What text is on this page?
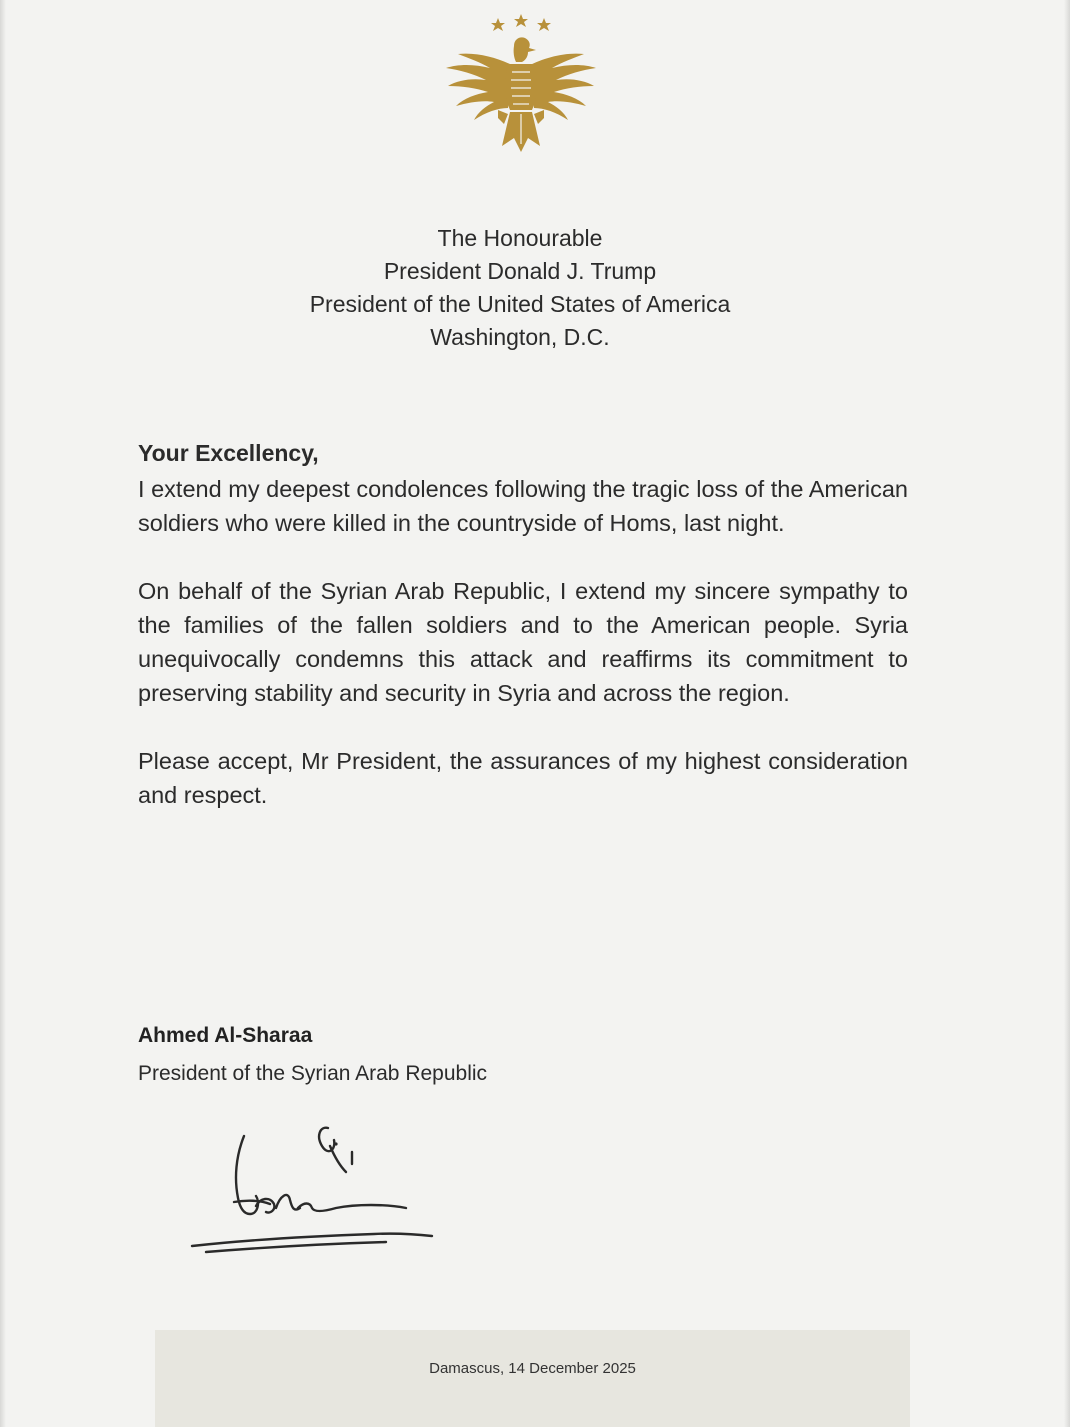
The Honourable
President Donald J. Trump
President of the United States of America
Washington, D.C.
Your Excellency,

I extend my deepest condolences following the tragic loss of the American soldiers who were killed in the countryside of Homs, last night.

On behalf of the Syrian Arab Republic, I extend my sincere sympathy to the families of the fallen soldiers and to the American people. Syria unequivocally condemns this attack and reaffirms its commitment to preserving stability and security in Syria and across the region.

Please accept, Mr President, the assurances of my highest consideration and respect.

Ahmed Al-Sharaa
President of the Syrian Arab Republic
Damascus, 14 December 2025
